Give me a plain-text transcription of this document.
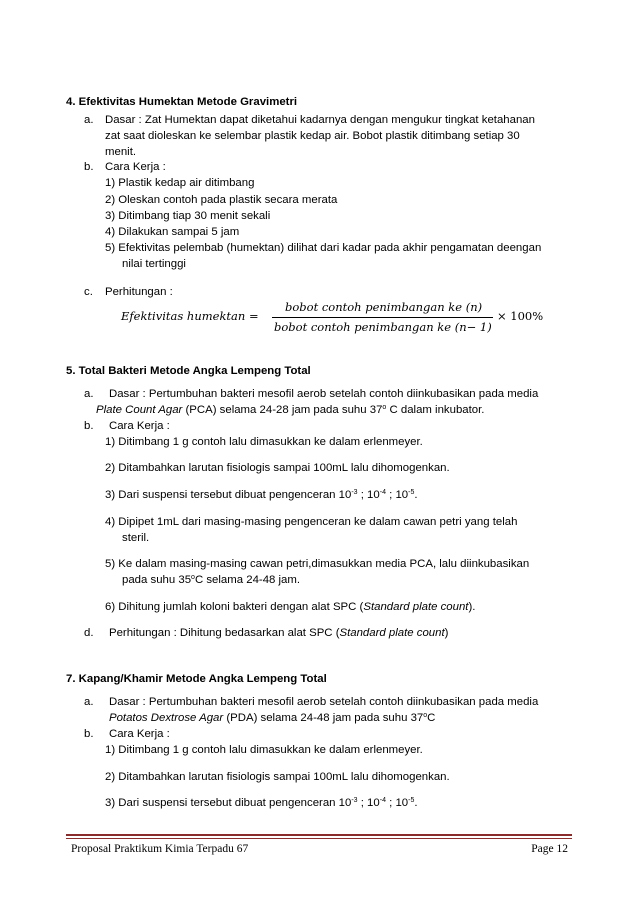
4. Efektivitas Humektan Metode Gravimetri
a. Dasar : Zat Humektan dapat diketahui kadarnya dengan mengukur tingkat ketahanan
zat saat dioleskan ke selembar plastik kedap air. Bobot plastik ditimbang setiap 30
menit.
b. Cara Kerja :
1) Plastik kedap air ditimbang
2) Oleskan contoh pada plastik secara merata
3) Ditimbang tiap 30 menit sekali
4) Dilakukan sampai 5 jam
5) Efektivitas pelembab (humektan) dilihat dari kadar pada akhir pengamatan deengan
nilai tertinggi
c. Perhitungan :
Efektivitas humektan =
bobot contoh penimbangan ke (n)
bobot contoh penimbangan ke (n− 1)
× 100%
5. Total Bakteri Metode Angka Lempeng Total
a. Dasar : Pertumbuhan bakteri mesofil aerob setelah contoh diinkubasikan pada media
Plate Count Agar (PCA) selama 24-28 jam pada suhu 37$^o$ C dalam inkubator.
b. Cara Kerja :
1) Ditimbang 1 g contoh lalu dimasukkan ke dalam erlenmeyer.
2) Ditambahkan larutan fisiologis sampai 100mL lalu dihomogenkan.
3) Dari suspensi tersebut dibuat pengenceran $10^{-3}$ ; $10^{-4}$ ; $10^{-5}$.
4) Dipipet 1mL dari masing-masing pengenceran ke dalam cawan petri yang telah
steril.
5) Ke dalam masing-masing cawan petri,dimasukkan media PCA, lalu diinkubasikan
pada suhu 35$^o$C selama 24-48 jam.
6) Dihitung jumlah koloni bakteri dengan alat SPC (Standard plate count).
d. Perhitungan : Dihitung bedasarkan alat SPC (Standard plate count)
7. Kapang/Khamir Metode Angka Lempeng Total
a. Dasar : Pertumbuhan bakteri mesofil aerob setelah contoh diinkubasikan pada media
Potatos Dextrose Agar (PDA) selama 24-48 jam pada suhu 37$^o$C
b. Cara Kerja :
1) Ditimbang 1 g contoh lalu dimasukkan ke dalam erlenmeyer.
2) Ditambahkan larutan fisiologis sampai 100mL lalu dihomogenkan.
3) Dari suspensi tersebut dibuat pengenceran $10^{-3}$ ; $10^{-4}$ ; $10^{-5}$.
Proposal Praktikum Kimia Terpadu 67	Page 12
